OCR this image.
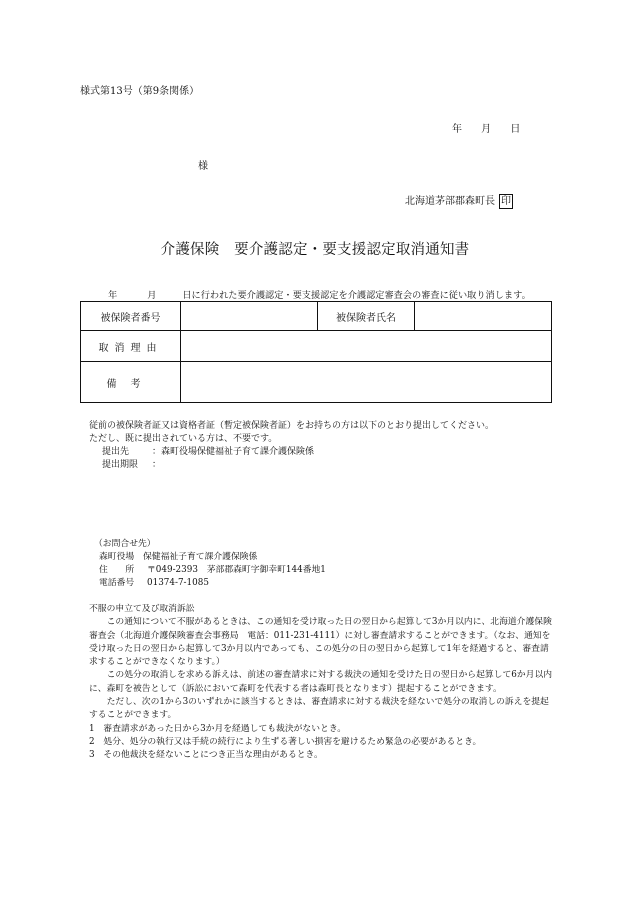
様式第13号（第9条関係）
年 月 日
様
北海道茅部郡森町長 印
介護保険　要介護認定・要支援認定取消通知書
年	月	日に行われた要介護認定・要支援認定を介護認定審査会の審査に従い取り消します。
被保険者番号		被保険者氏名	
取消理由			
備考			
従前の被保険者証又は資格者証（暫定被保険者証）をお持ちの方は以下のとおり提出してください。
ただし、既に提出されている方は、不要です。
提出先	：森町役場保健福祉子育て課介護保険係
提出期限 ：
（お問合せ先）
森町役場　保健福祉子育て課介護保険係
住　　所 〒049-2393　茅部郡森町字御幸町144番地1
電話番号 01374-7-1085

不服の申立て及び取消訴訟

この通知について不服があるときは、この通知を受け取った日の翌日から起算して3か月以内に、北海道介護保険審査会（北海道介護保険審査会事務局　電話：011-231-4111）に対し審査請求することができます。（なお、通知を受け取った日の翌日から起算して3か月以内であっても、この処分の日の翌日から起算して1年を経過すると、審査請求することができなくなります。）

この処分の取消しを求める訴えは、前述の審査請求に対する裁決の通知を受けた日の翌日から起算して6か月以内に、森町を被告として（訴訟において森町を代表する者は森町長となります）提起することができます。

ただし、次の1から3のいずれかに該当するときは、審査請求に対する裁決を経ないで処分の取消しの訴えを提起することができます。

1　審査請求があった日から3か月を経過しても裁決がないとき。

2　処分、処分の執行又は手続の続行により生ずる著しい損害を避けるため緊急の必要があるとき。

3　その他裁決を経ないことにつき正当な理由があるとき。
